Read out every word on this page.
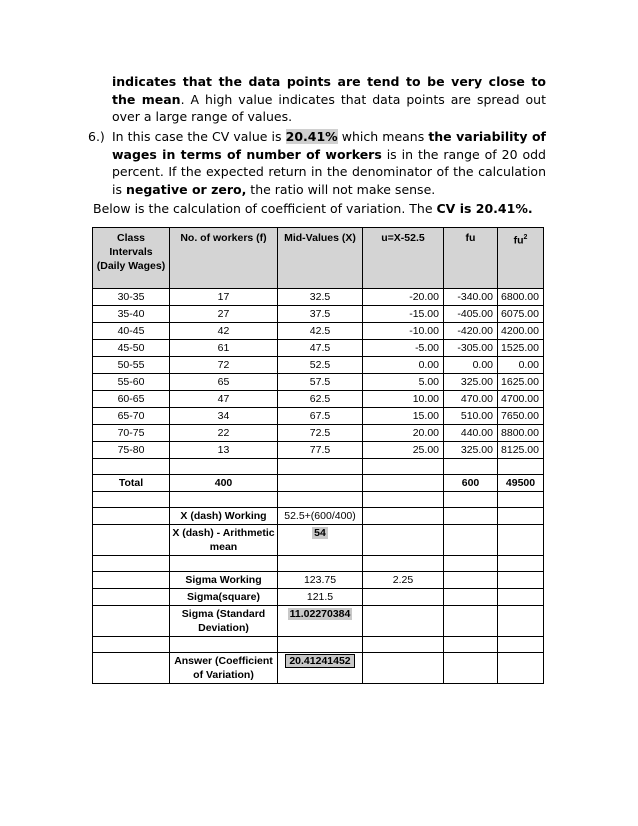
indicates that the data points are tend to be very close to the mean. A high value indicates that data points are spread out over a large range of values.
6.) In this case the CV value is 20.41% which means the variability of wages in terms of number of workers is in the range of 20 odd percent. If the expected return in the denominator of the calculation is negative or zero, the ratio will not make sense.
Below is the calculation of coefficient of variation. The CV is 20.41%.
Class Intervals (Daily Wages)	No. of workers (f)	Mid-Values (X)	u=X-52.5	fu	$fu^2$
30-35	17	32.5	-20.00	-340.00	6800.00
35-40	27	37.5	-15.00	-405.00	6075.00
40-45	42	42.5	-10.00	-420.00	4200.00
45-50	61	47.5	-5.00	-305.00	1525.00
50-55	72	52.5	0.00	0.00	0.00
55-60	65	57.5	5.00	325.00	1625.00
60-65	47	62.5	10.00	470.00	4700.00
65-70	34	67.5	15.00	510.00	7650.00
70-75	22	72.5	20.00	440.00	8800.00
75-80	13	77.5	25.00	325.00	8125.00

Total	400			600	49500

	X (dash) Working	52.5+(600/400)			
	X (dash) - Arithmetic mean	54			

	Sigma Working	123.75	2.25		
	Sigma(square)	121.5			
	Sigma (Standard Deviation)	11.02270384			

	Answer (Coefficient of Variation)	20.41241452			
